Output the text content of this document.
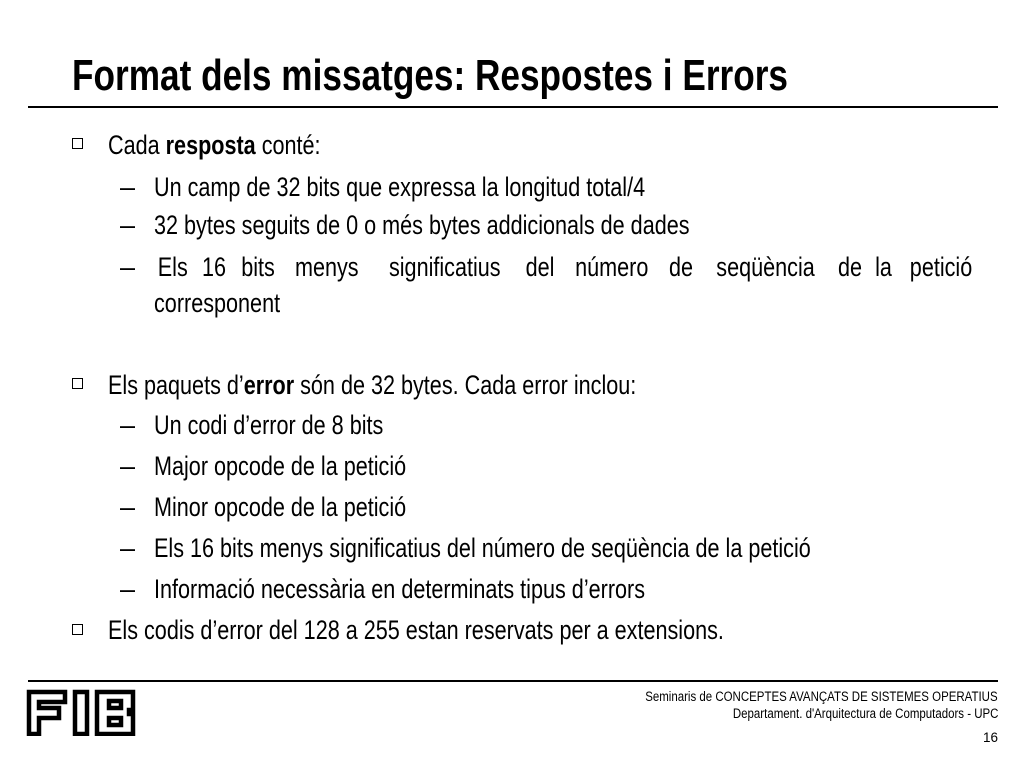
Format dels missatges: Respostes i Errors
Cada resposta conté:
– Un camp de 32 bits que expressa la longitud total/4
– 32 bytes seguits de 0 o més bytes addicionals de dades
– Els 16 bits menys significatius del número de seqüència de la petició
corresponent
Els paquets d’error són de 32 bytes. Cada error inclou:
– Un codi d’error de 8 bits
– Major opcode de la petició
– Minor opcode de la petició
– Els 16 bits menys significatius del número de seqüència de la petició
– Informació necessària en determinats tipus d’errors
Els codis d’error del 128 a 255 estan reservats per a extensions.
Seminaris de CONCEPTES AVANÇATS DE SISTEMES OPERATIUS
Departament. d'Arquitectura de Computadors - UPC
16
